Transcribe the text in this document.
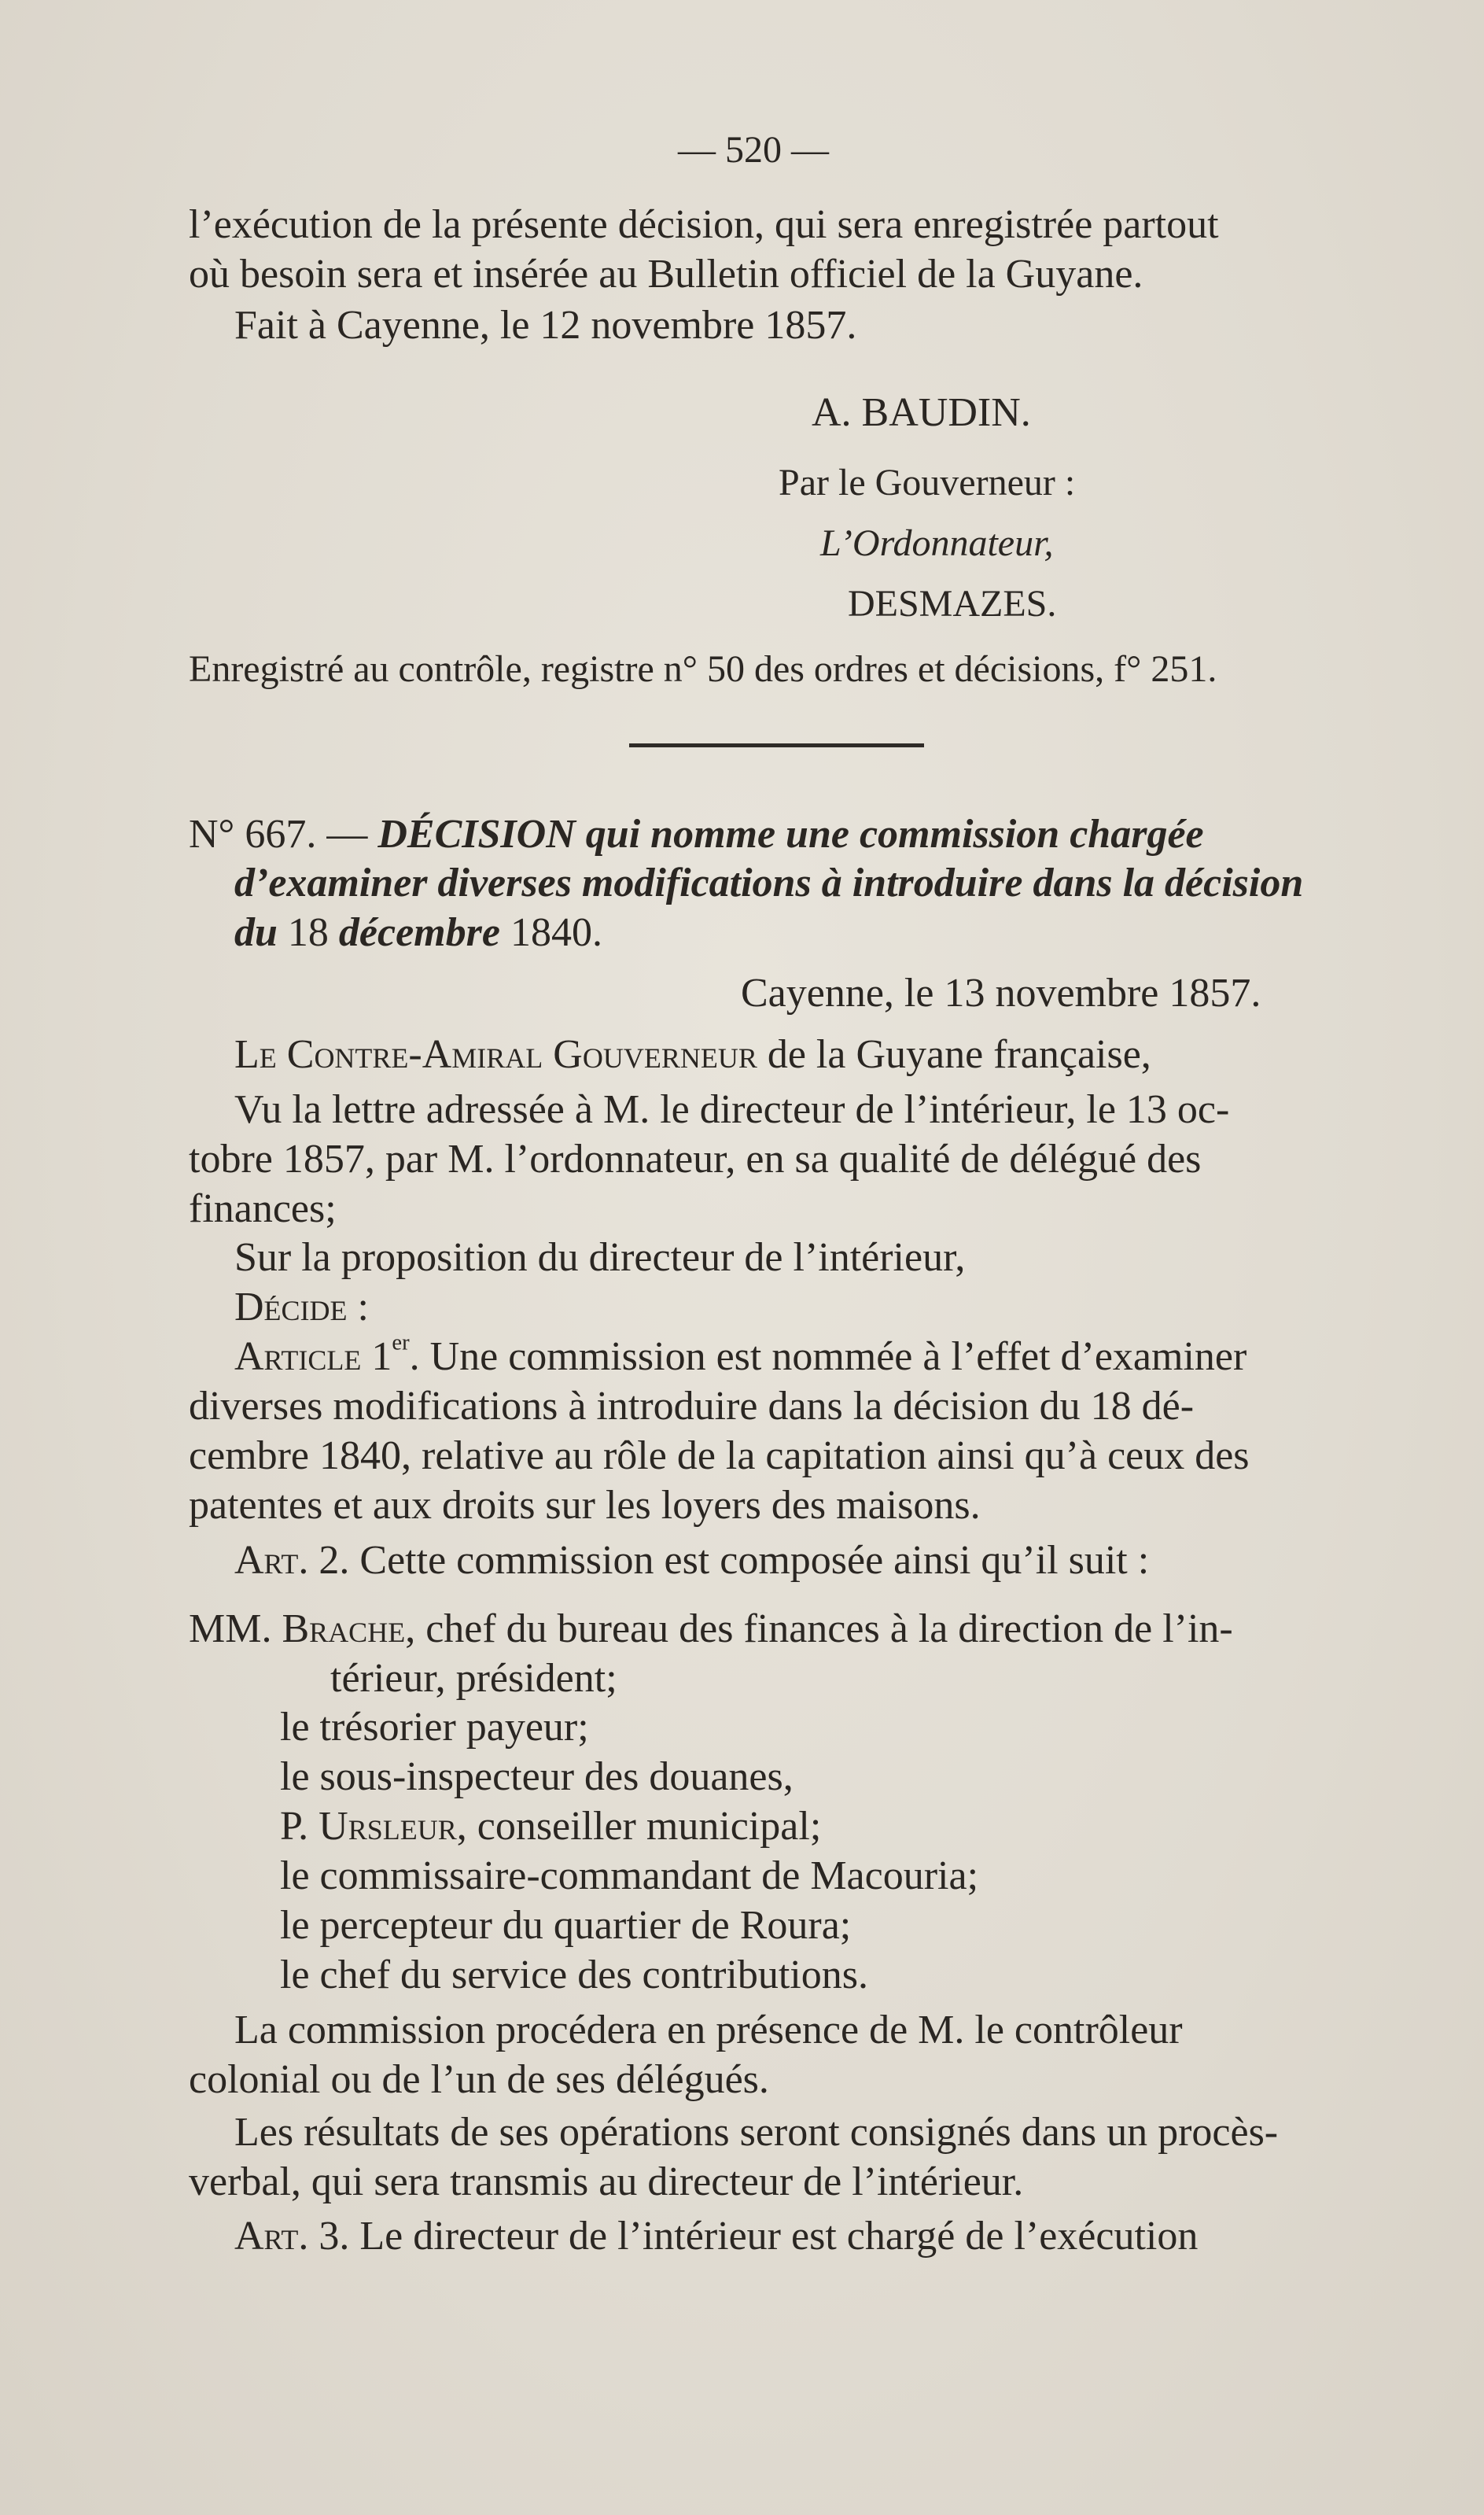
— 520 —
l’exécution de la présente décision, qui sera enregistrée partout
où besoin sera et insérée au Bulletin officiel de la Guyane.
Fait à Cayenne, le 12 novembre 1857.
A. BAUDIN.
Par le Gouverneur :
L’Ordonnateur,
DESMAZES.
Enregistré au contrôle, registre n° 50 des ordres et décisions, f° 251.
N° 667. — DÉCISION qui nomme une commission chargée
d’examiner diverses modifications à introduire dans la décision
du 18 décembre 1840.
Cayenne, le 13 novembre 1857.
Le Contre-Amiral Gouverneur de la Guyane française,
Vu la lettre adressée à M. le directeur de l’intérieur, le 13 oc-
tobre 1857, par M. l’ordonnateur, en sa qualité de délégué des
finances;
Sur la proposition du directeur de l’intérieur,
Décide :
Article 1er. Une commission est nommée à l’effet d’examiner
diverses modifications à introduire dans la décision du 18 dé-
cembre 1840, relative au rôle de la capitation ainsi qu’à ceux des
patentes et aux droits sur les loyers des maisons.
Art. 2. Cette commission est composée ainsi qu’il suit :
MM. Brache, chef du bureau des finances à la direction de l’in-
térieur, président;
le trésorier payeur;
le sous-inspecteur des douanes,
P. Ursleur, conseiller municipal;
le commissaire-commandant de Macouria;
le percepteur du quartier de Roura;
le chef du service des contributions.
La commission procédera en présence de M. le contrôleur
colonial ou de l’un de ses délégués.
Les résultats de ses opérations seront consignés dans un procès-
verbal, qui sera transmis au directeur de l’intérieur.
Art. 3. Le directeur de l’intérieur est chargé de l’exécution
